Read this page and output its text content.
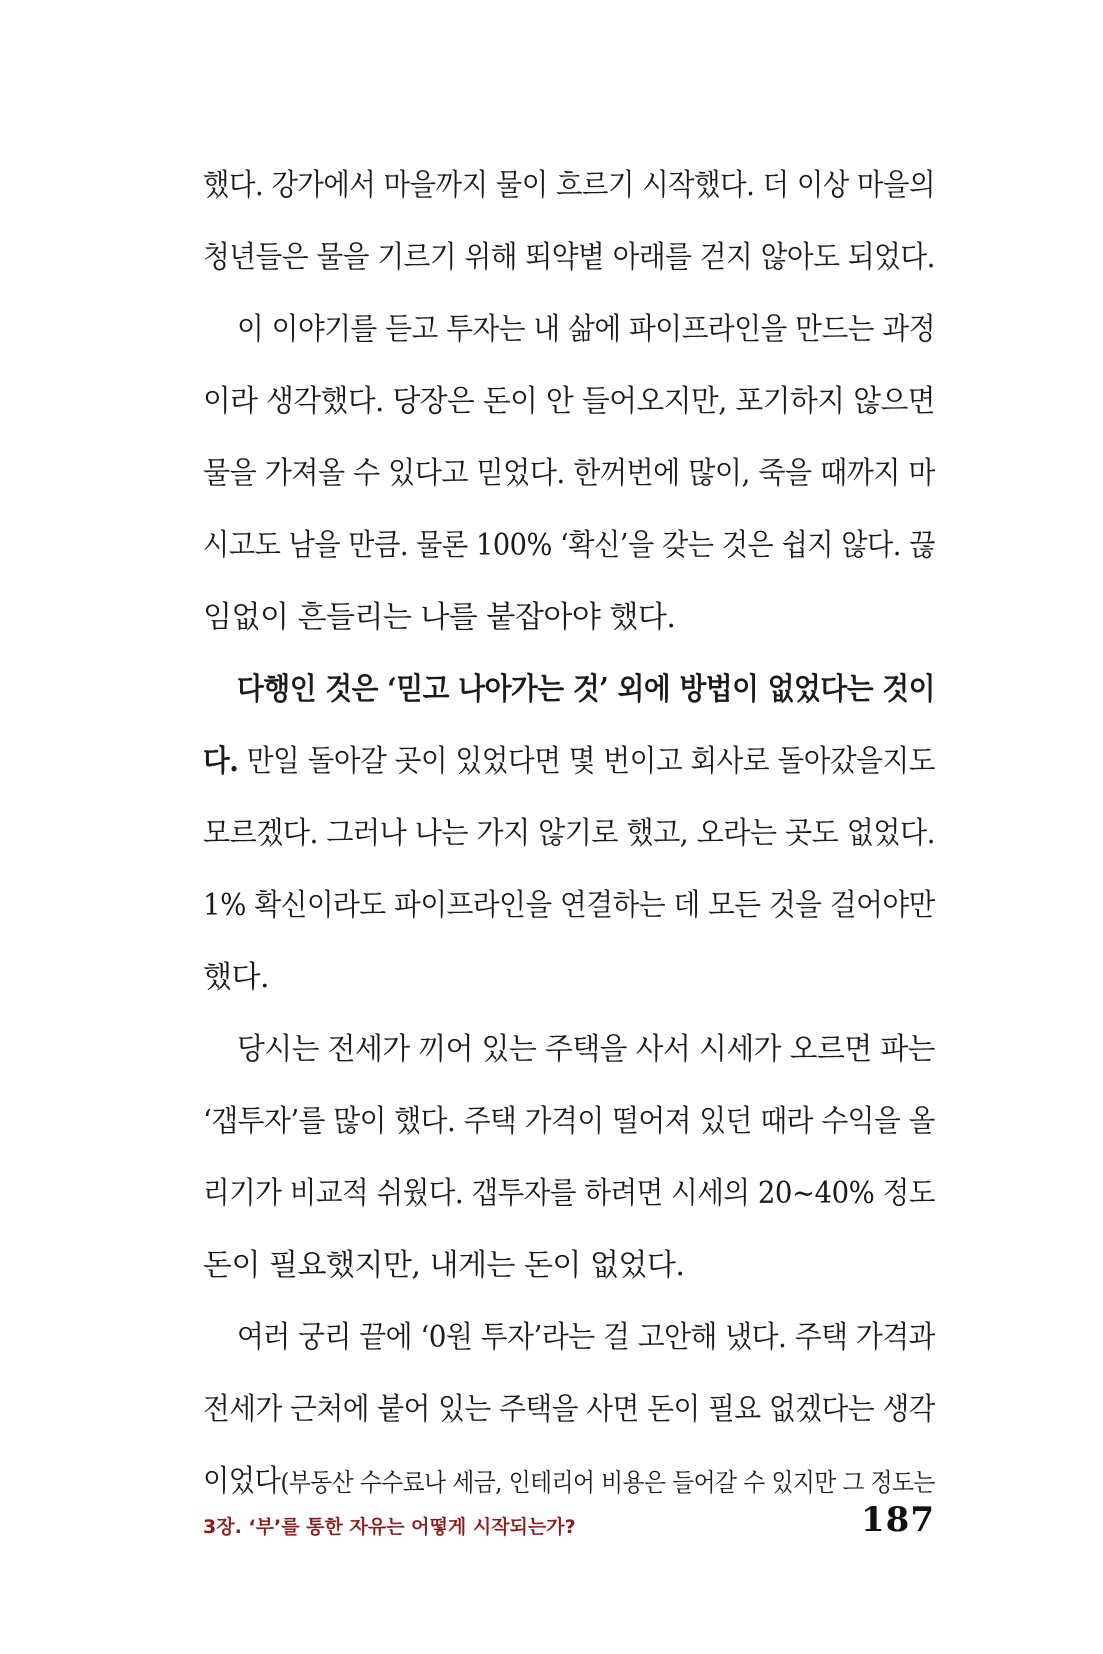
했다. 강가에서 마을까지 물이 흐르기 시작했다. 더 이상 마을의
청년들은 물을 기르기 위해 뙤약볕 아래를 걷지 않아도 되었다.
이 이야기를 듣고 투자는 내 삶에 파이프라인을 만드는 과정
이라 생각했다. 당장은 돈이 안 들어오지만, 포기하지 않으면
물을 가져올 수 있다고 믿었다. 한꺼번에 많이, 죽을 때까지 마
시고도 남을 만큼. 물론 100% ‘확신’을 갖는 것은 쉽지 않다. 끊
임없이 흔들리는 나를 붙잡아야 했다.
다행인 것은 ‘믿고 나아가는 것’ 외에 방법이 없었다는 것이
다. 만일 돌아갈 곳이 있었다면 몇 번이고 회사로 돌아갔을지도
모르겠다. 그러나 나는 가지 않기로 했고, 오라는 곳도 없었다.
1% 확신이라도 파이프라인을 연결하는 데 모든 것을 걸어야만
했다.
당시는 전세가 끼어 있는 주택을 사서 시세가 오르면 파는
‘갭투자’를 많이 했다. 주택 가격이 떨어져 있던 때라 수익을 올
리기가 비교적 쉬웠다. 갭투자를 하려면 시세의 20~40% 정도
돈이 필요했지만, 내게는 돈이 없었다.
여러 궁리 끝에 ‘0원 투자’라는 걸 고안해 냈다. 주택 가격과
전세가 근처에 붙어 있는 주택을 사면 돈이 필요 없겠다는 생각
이었다(부동산 수수료나 세금, 인테리어 비용은 들어갈 수 있지만 그 정도는
3장. ‘부’를 통한 자유는 어떻게 시작되는가?	187
